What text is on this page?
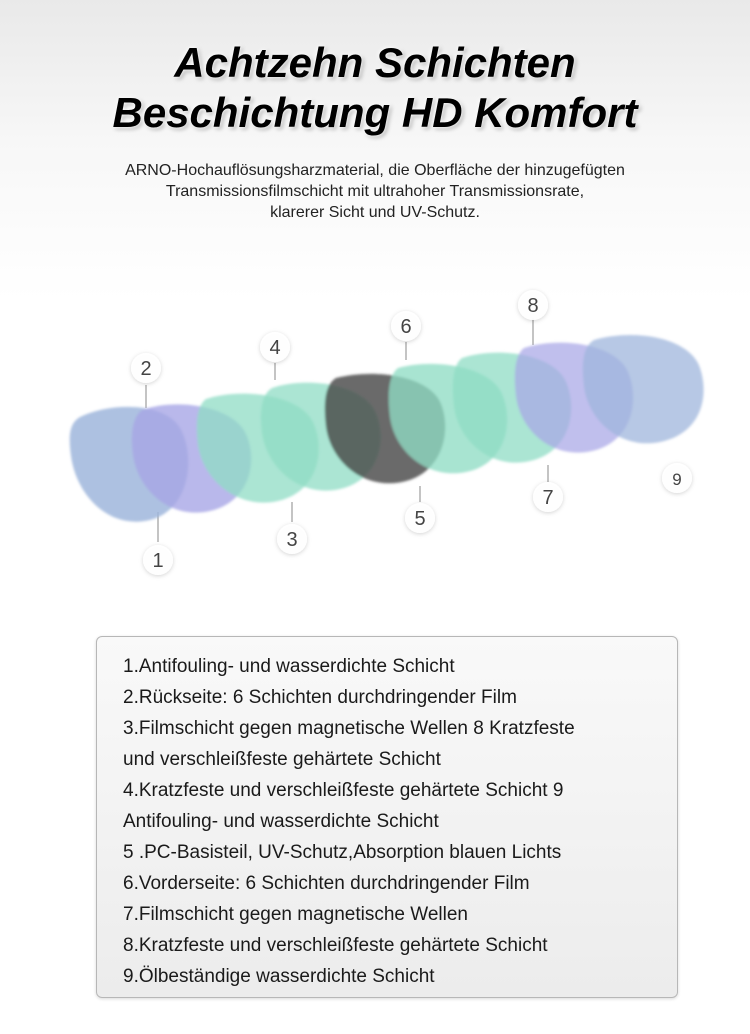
Achtzehn Schichten
Beschichtung HD Komfort
ARNO-Hochauflösungsharzmaterial, die Oberfläche der hinzugefügten
Transmissionsfilmschicht mit ultrahoher Transmissionsrate,
klarerer Sicht und UV-Schutz.
1
2
3
4
5
6
7
8
9
1.Antifouling- und wasserdichte Schicht
2.Rückseite: 6 Schichten durchdringender Film
3.Filmschicht gegen magnetische Wellen 8 Kratzfeste
und verschleißfeste gehärtete Schicht
4.Kratzfeste und verschleißfeste gehärtete Schicht 9
Antifouling- und wasserdichte Schicht
5 .PC-Basisteil, UV-Schutz,Absorption blauen Lichts
6.Vorderseite: 6 Schichten durchdringender Film
7.Filmschicht gegen magnetische Wellen
8.Kratzfeste und verschleißfeste gehärtete Schicht
9.Ölbeständige wasserdichte Schicht
